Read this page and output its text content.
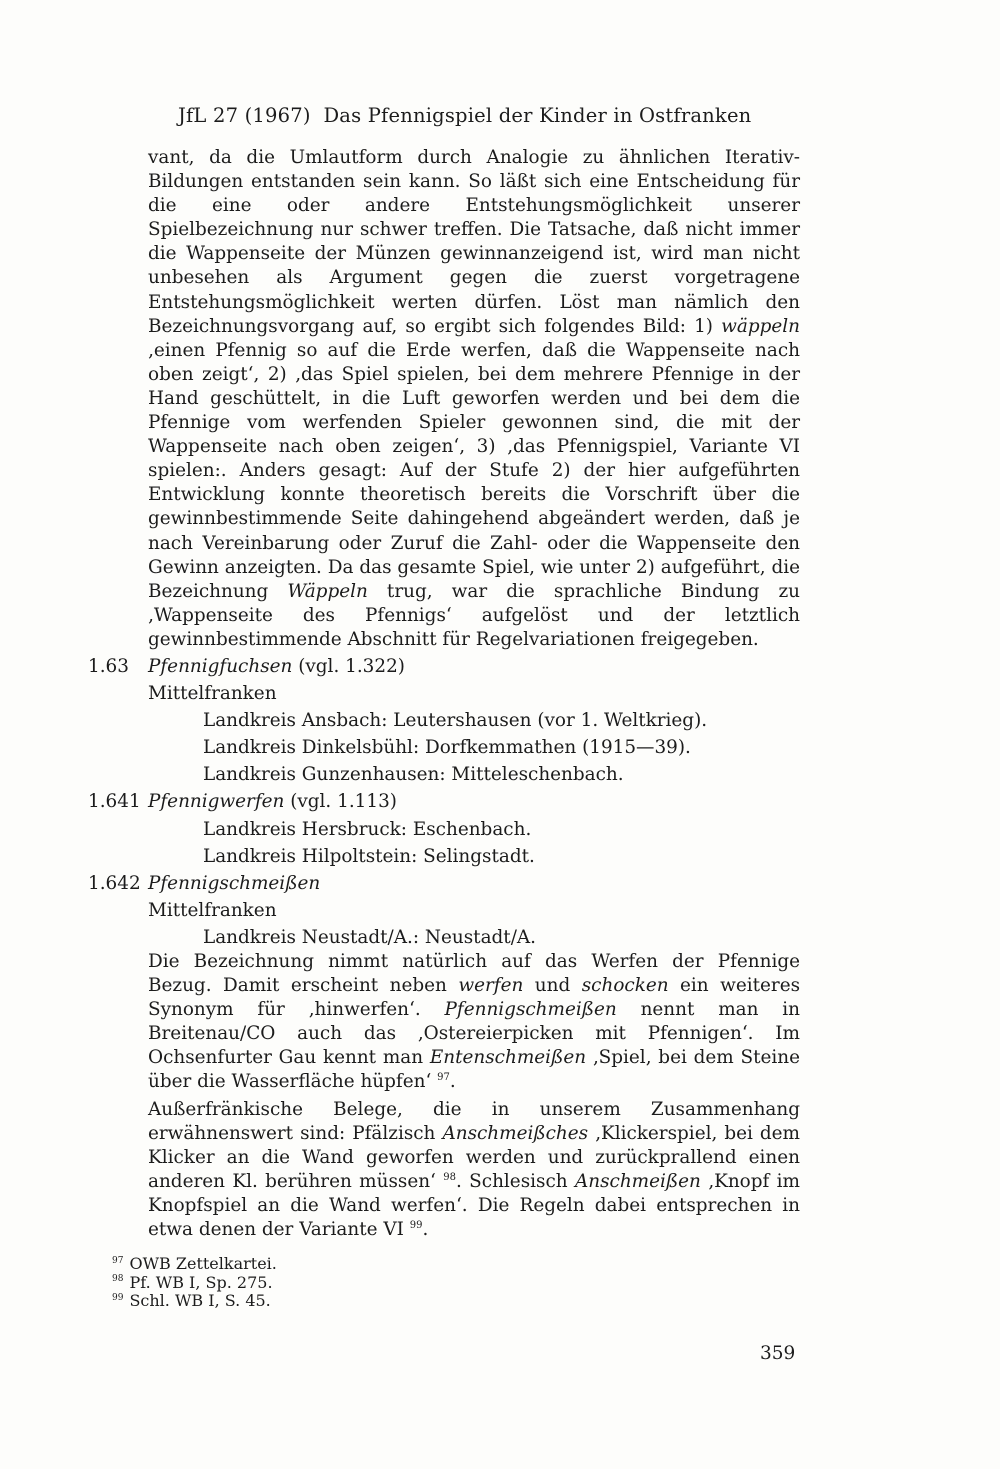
JfL 27 (1967) Das Pfennigspiel der Kinder in Ostfranken

vant, da die Umlautform durch Analogie zu ähnlichen Iterativ-Bildungen entstanden sein kann. So läßt sich eine Entscheidung für die eine oder andere Entstehungsmöglichkeit unserer Spielbezeichnung nur schwer treffen. Die Tatsache, daß nicht immer die Wappenseite der Münzen gewinnanzeigend ist, wird man nicht unbesehen als Argument gegen die zuerst vorgetragene Entstehungsmöglichkeit werten dürfen. Löst man nämlich den Bezeichnungsvorgang auf, so ergibt sich folgendes Bild: 1) wäppeln ‚einen Pfennig so auf die Erde werfen, daß die Wappenseite nach oben zeigt‘, 2) ‚das Spiel spielen, bei dem mehrere Pfennige in der Hand geschüttelt, in die Luft geworfen werden und bei dem die Pfennige vom werfenden Spieler gewonnen sind, die mit der Wappenseite nach oben zeigen‘, 3) ‚das Pfennigspiel, Variante VI spielen:. Anders gesagt: Auf der Stufe 2) der hier aufgeführten Entwicklung konnte theoretisch bereits die Vorschrift über die gewinnbestimmende Seite dahingehend abgeändert werden, daß je nach Vereinbarung oder Zuruf die Zahl- oder die Wappenseite den Gewinn anzeigten. Da das gesamte Spiel, wie unter 2) aufgeführt, die Bezeichnung Wäppeln trug, war die sprachliche Bindung zu ‚Wappenseite des Pfennigs‘ aufgelöst und der letztlich gewinnbestimmende Abschnitt für Regelvariationen freigegeben.

1.63 Pfennigfuchsen (vgl. 1.322)

Mittelfranken

Landkreis Ansbach: Leutershausen (vor 1. Weltkrieg).

Landkreis Dinkelsbühl: Dorfkemmathen (1915—39).

Landkreis Gunzenhausen: Mitteleschenbach.

1.641 Pfennigwerfen (vgl. 1.113)

Landkreis Hersbruck: Eschenbach.

Landkreis Hilpoltstein: Selingstadt.

1.642 Pfennigschmeißen

Mittelfranken

Landkreis Neustadt/A.: Neustadt/A.

Die Bezeichnung nimmt natürlich auf das Werfen der Pfennige Bezug. Damit erscheint neben werfen und schocken ein weiteres Synonym für ‚hinwerfen‘. Pfennigschmeißen nennt man in Breitenau/CO auch das ‚Ostereierpicken mit Pfennigen‘. Im Ochsenfurter Gau kennt man Entenschmeißen ‚Spiel, bei dem Steine über die Wasserfläche hüpfen‘ $^{97}$.

Außerfränkische Belege, die in unserem Zusammenhang erwähnenswert sind: Pfälzisch Anschmeißches ‚Klickerspiel, bei dem Klicker an die Wand geworfen werden und zurückprallend einen anderen Kl. berühren müssen‘ $^{98}$. Schlesisch Anschmeißen ‚Knopf im Knopfspiel an die Wand werfen‘. Die Regeln dabei entsprechen in etwa denen der Variante VI $^{99}$.

$^{97}$ OWB Zettelkartei.

$^{98}$ Pf. WB I, Sp. 275.

$^{99}$ Schl. WB I, S. 45.

359
